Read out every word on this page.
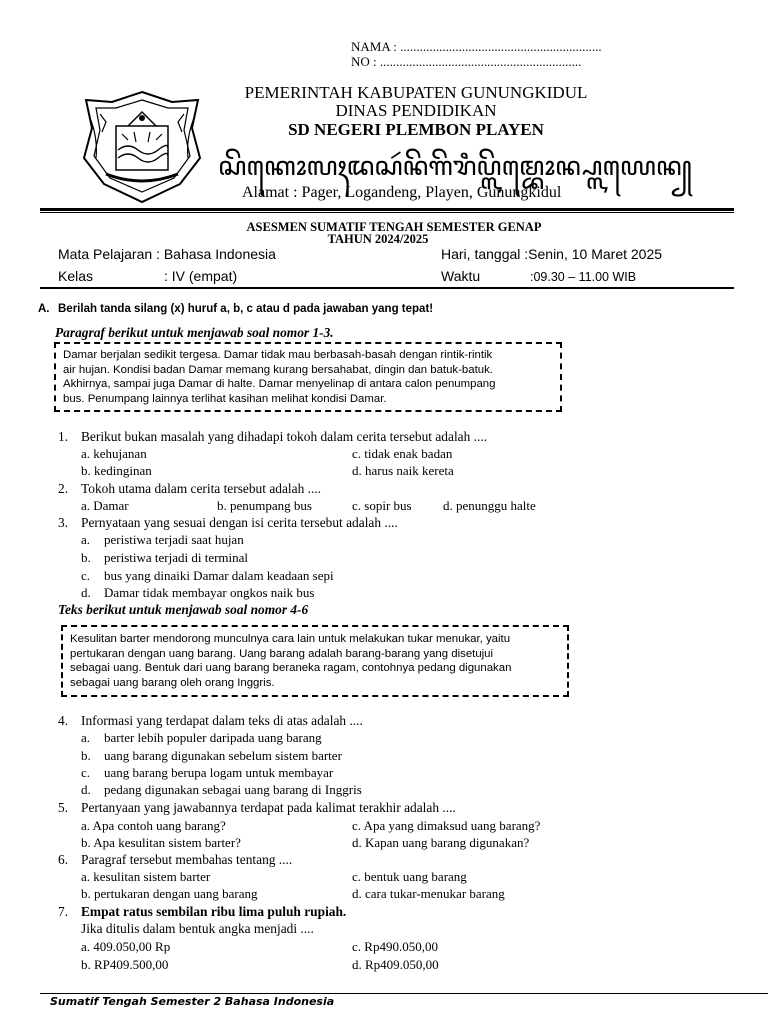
NAMA : ..............................................................
NO : ..............................................................
PEMERINTAH KABUPATEN GUNUNGKIDUL
DINAS PENDIDIKAN
SD NEGERI PLEMBON PLAYEN
ꦱꦼꦏꦺꦴꦭꦃꦢꦱꦂꦤꦼꦒꦼꦫꦶꦥ꧀ꦭꦼꦩ꧀ꦧꦺꦴꦤ꧀ꦥ꧀ꦭꦪꦺꦤ꧀
Alamat : Pager, Logandeng, Playen, Gunungkidul
ASESMEN SUMATIF TENGAH SEMESTER GENAP
TAHUN 2024/2025
Mata Pelajaran : Bahasa Indonesia	Hari, tanggal :Senin, 10 Maret 2025
Kelas	: IV (empat)	Waktu	:09.30 – 11.00 WIB
A. Berilah tanda silang (x) huruf a, b, c atau d pada jawaban yang tepat!
Paragraf berikut untuk menjawab soal nomor 1-3.
Damar berjalan sedikit tergesa. Damar tidak mau berbasah-basah dengan rintik-rintik
air hujan. Kondisi badan Damar memang kurang bersahabat, dingin dan batuk-batuk.
Akhirnya, sampai juga Damar di halte. Damar menyelinap di antara calon penumpang
bus. Penumpang lainnya terlihat kasihan melihat kondisi Damar.
1. Berikut bukan masalah yang dihadapi tokoh dalam cerita tersebut adalah ....
a. kehujanan	c. tidak enak badan
b. kedinginan	d. harus naik kereta
2. Tokoh utama dalam cerita tersebut adalah ....
a. Damar	b. penumpang bus	c. sopir bus d. penunggu halte
3. Pernyataan yang sesuai dengan isi cerita tersebut adalah ....
a. peristiwa terjadi saat hujan
b. peristiwa terjadi di terminal
c. bus yang dinaiki Damar dalam keadaan sepi
d. Damar tidak membayar ongkos naik bus
Teks berikut untuk menjawab soal nomor 4-6
Kesulitan barter mendorong munculnya cara lain untuk melakukan tukar menukar, yaitu
pertukaran dengan uang barang. Uang barang adalah barang-barang yang disetujui
sebagai uang. Bentuk dari uang barang beraneka ragam, contohnya pedang digunakan
sebagai uang barang oleh orang Inggris.
4. Informasi yang terdapat dalam teks di atas adalah ....
a. barter lebih populer daripada uang barang
b. uang barang digunakan sebelum sistem barter
c. uang barang berupa logam untuk membayar
d. pedang digunakan sebagai uang barang di Inggris
5. Pertanyaan yang jawabannya terdapat pada kalimat terakhir adalah ....
a. Apa contoh uang barang?	c. Apa yang dimaksud uang barang?
b. Apa kesulitan sistem barter?	d. Kapan uang barang digunakan?
6. Paragraf tersebut membahas tentang ....
a. kesulitan sistem barter	c. bentuk uang barang
b. pertukaran dengan uang barang	d. cara tukar-menukar barang
7. Empat ratus sembilan ribu lima puluh rupiah.
Jika ditulis dalam bentuk angka menjadi ....
a. 409.050,00 Rp	c. Rp490.050,00
b. RP409.500,00	d. Rp409.050,00
Sumatif Tengah Semester 2 Bahasa Indonesia
